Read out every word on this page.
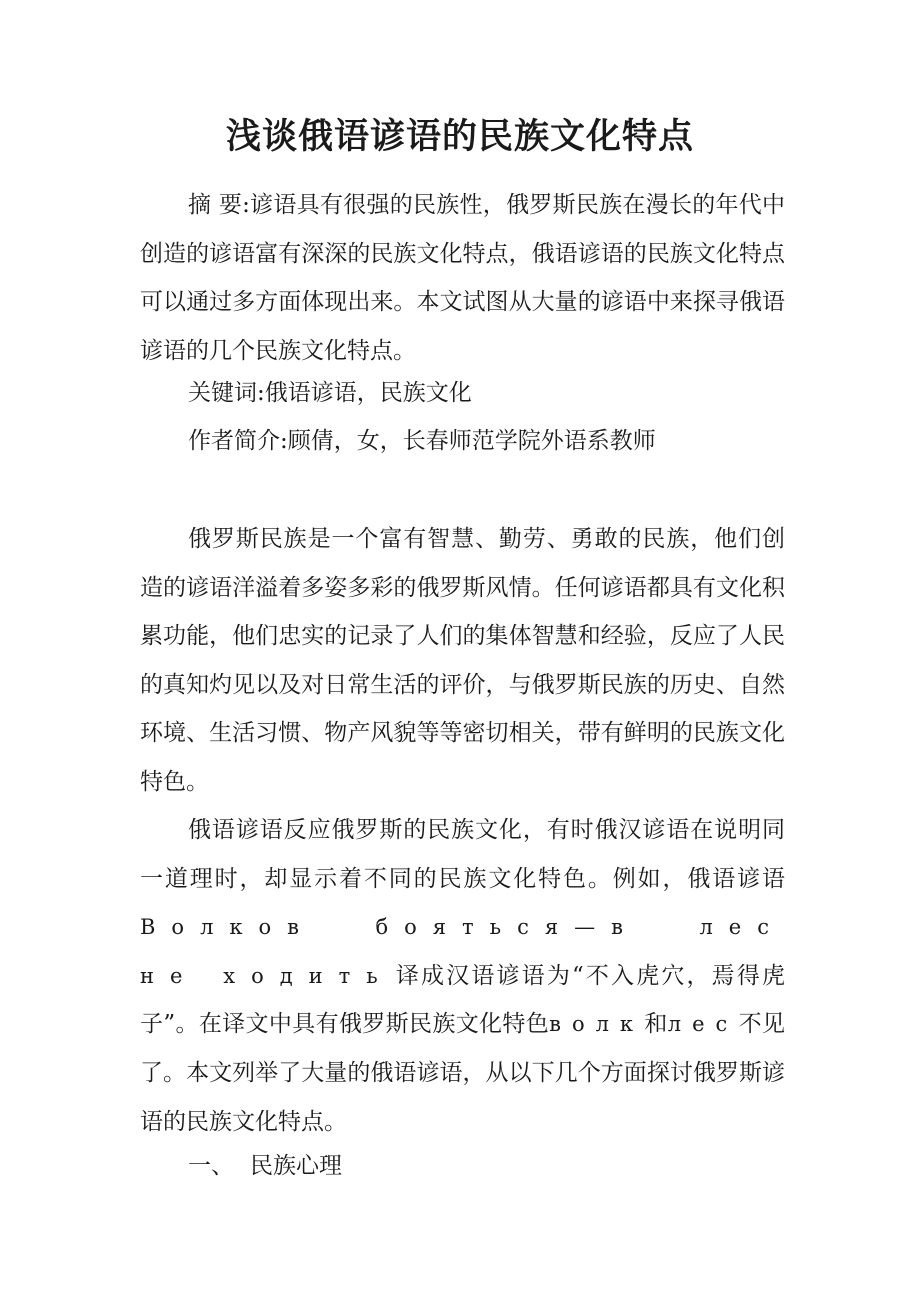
浅谈俄语谚语的民族文化特点

摘 要:谚语具有很强的民族性，俄罗斯民族在漫长的年代中创造的谚语富有深深的民族文化特点，俄语谚语的民族文化特点可以通过多方面体现出来。本文试图从大量的谚语中来探寻俄语谚语的几个民族文化特点。

关键词:俄语谚语，民族文化

作者简介:顾倩，女，长春师范学院外语系教师

俄罗斯民族是一个富有智慧、勤劳、勇敢的民族，他们创造的谚语洋溢着多姿多彩的俄罗斯风情。任何谚语都具有文化积累功能，他们忠实的记录了人们的集体智慧和经验，反应了人民的真知灼见以及对日常生活的评价，与俄罗斯民族的历史、自然环境、生活习惯、物产风貌等等密切相关，带有鲜明的民族文化特色。

俄语谚语反应俄罗斯的民族文化，有时俄汉谚语在说明同一道理时，却显示着不同的民族文化特色。例如，俄语谚语Волков бояться—в лес не ходить译成汉语谚语为“不入虎穴，焉得虎子”。在译文中具有俄罗斯民族文化特色волк和лес不见了。本文列举了大量的俄语谚语，从以下几个方面探讨俄罗斯谚语的民族文化特点。

一、 民族心理
